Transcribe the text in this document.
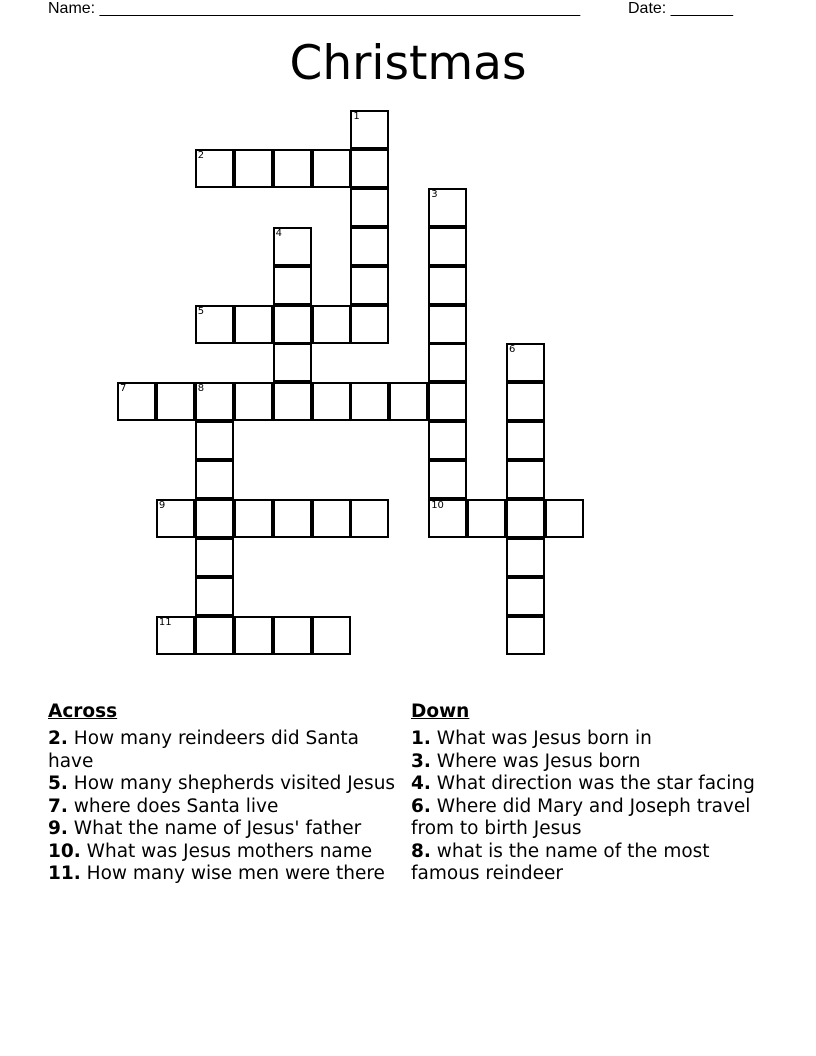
Name: ______________________________________________________	Date: _______
Christmas
1
2
3
4
5
6
7	8
9	10
11
Across
2. How many reindeers did Santa have
5. How many shepherds visited Jesus
7. where does Santa live
9. What the name of Jesus' father
10. What was Jesus mothers name
11. How many wise men were there
Down
1. What was Jesus born in
3. Where was Jesus born
4. What direction was the star facing
6. Where did Mary and Joseph travel from to birth Jesus
8. what is the name of the most famous reindeer
